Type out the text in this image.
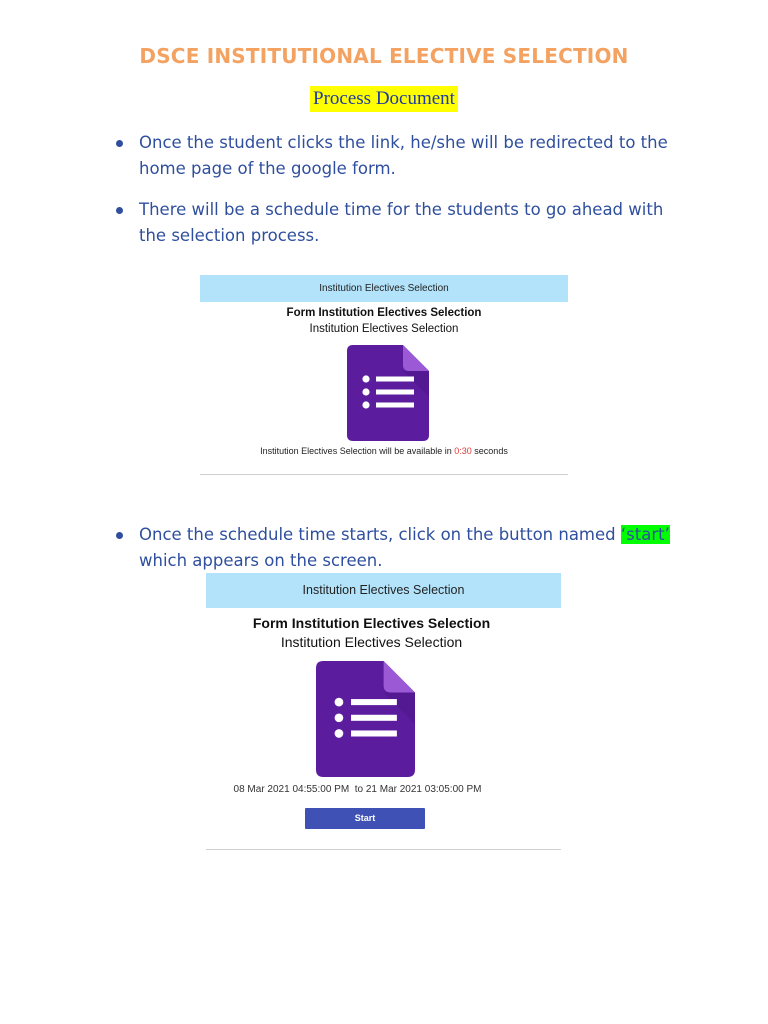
DSCE INSTITUTIONAL ELECTIVE SELECTION
Process Document
Once the student clicks the link, he/she will be redirected to the home page of the google form.
There will be a schedule time for the students to go ahead with the selection process.
Institution Electives Selection
Form Institution Electives Selection
Institution Electives Selection
Institution Electives Selection will be available in 0:30 seconds
Once the schedule time starts, click on the button named ‘start’ which appears on the screen.
Institution Electives Selection
Form Institution Electives Selection
Institution Electives Selection
08 Mar 2021 04:55:00 PM  to 21 Mar 2021 03:05:00 PM
Start
